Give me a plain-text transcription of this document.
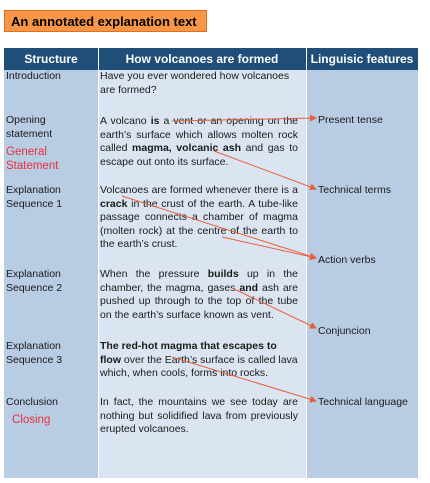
An annotated explanation text
Structure	How volcanoes are formed	Linguisic features
Introduction
Opening statement
General Statement
Explanation Sequence 1
Explanation Sequence 2
Explanation Sequence 3
Conclusion
Closing
Have you ever wondered how volcanoes are formed?
A volcano is a vent or an opening on the earth’s surface which allows molten rock called magma, volcanic ash and gas to escape out onto its surface.
Volcanoes are formed whenever there is a crack in the crust of the earth. A tube-like passage connects a chamber of magma (molten rock) at the centre of the earth to the earth’s crust.
When the pressure builds up in the chamber, the magma, gases and ash are pushed up through to the top of the tube on the earth’s surface known as vent.
The red-hot magma that escapes to flow over the Earth’s surface is called lava which, when cools, forms into rocks.
In fact, the mountains we see today are nothing but solidified lava from previously erupted volcanoes.
Present tense
Technical terms
Action verbs
Conjuncion
Technical language
